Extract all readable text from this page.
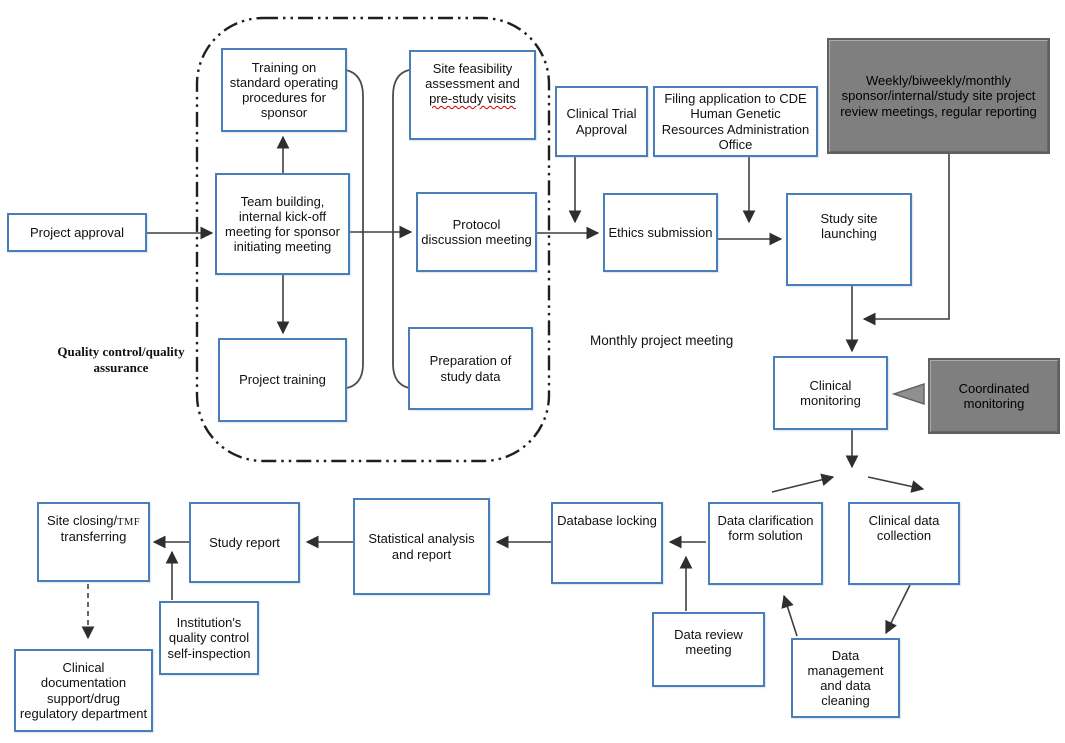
Project approval
Training on standard operating procedures for sponsor
Team building, internal kick-off meeting for sponsor initiating meeting
Project training
Site feasibility assessment and pre-study visits
Protocol discussion meeting
Preparation of study data
Clinical Trial Approval
Filing application to CDE Human Genetic Resources Administration Office
Ethics submission
Study site launching
Weekly/biweekly/monthly sponsor/internal/study site project review meetings, regular reporting
Clinical monitoring
Coordinated monitoring
Site closing/TMF transferring	Study report	Statistical analysis and report
Database locking	Data clarification form solution
Clinical data collection
Institution's quality control self-inspection
Data review meeting	Data management and data cleaning
Clinical documentation support/drug regulatory department
Quality control/quality assurance
Monthly project meeting
